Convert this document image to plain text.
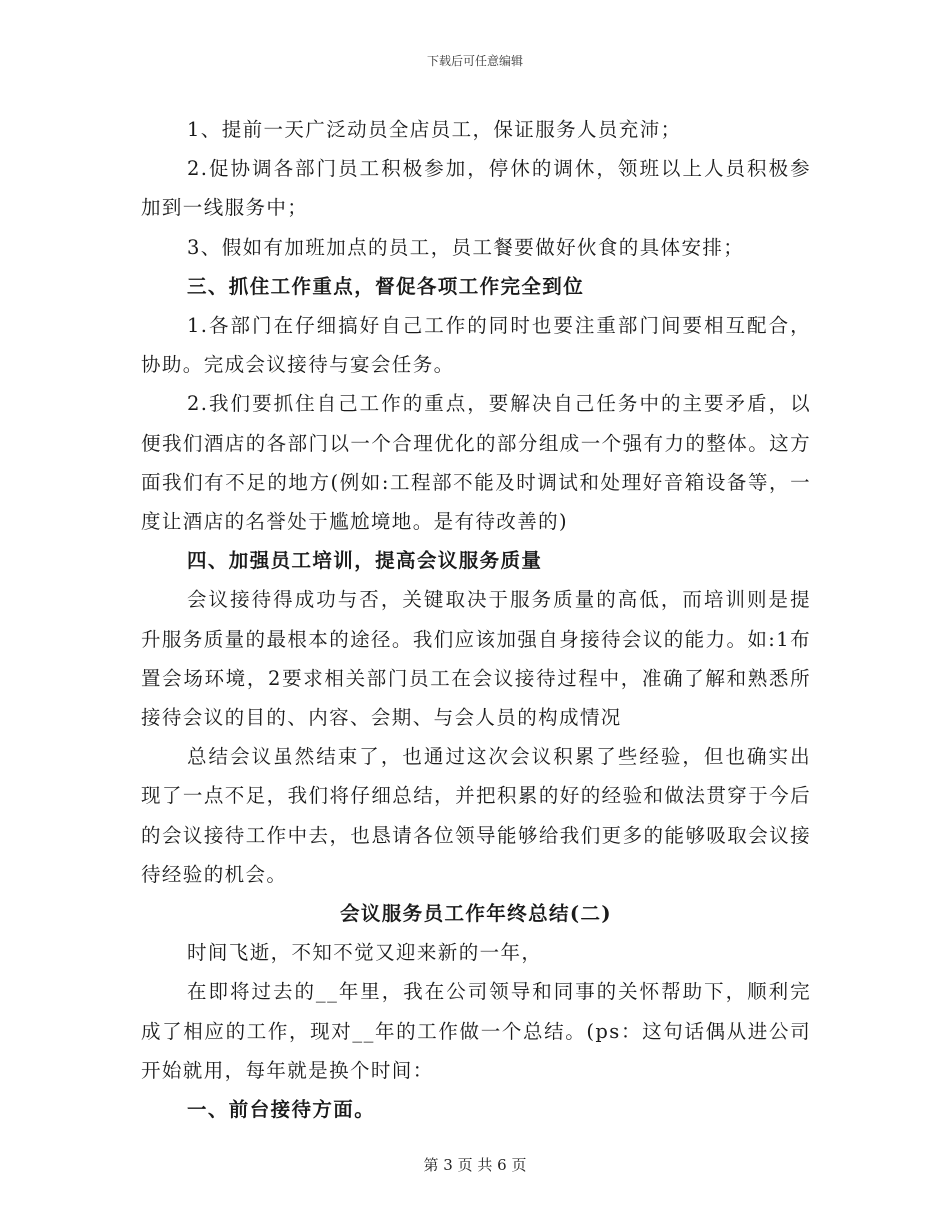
下载后可任意编辑

1、提前一天广泛动员全店员工，保证服务人员充沛；

2.促协调各部门员工积极参加，停休的调休，领班以上人员积极参加到一线服务中；

3、假如有加班加点的员工，员工餐要做好伙食的具体安排；

三、抓住工作重点，督促各项工作完全到位

1.各部门在仔细搞好自己工作的同时也要注重部门间要相互配合，协助。完成会议接待与宴会任务。

2.我们要抓住自己工作的重点，要解决自己任务中的主要矛盾，以便我们酒店的各部门以一个合理优化的部分组成一个强有力的整体。这方面我们有不足的地方(例如:工程部不能及时调试和处理好音箱设备等，一度让酒店的名誉处于尴尬境地。是有待改善的)

四、加强员工培训，提高会议服务质量

会议接待得成功与否，关键取决于服务质量的高低，而培训则是提升服务质量的最根本的途径。我们应该加强自身接待会议的能力。如:1布置会场环境，2要求相关部门员工在会议接待过程中，准确了解和熟悉所接待会议的目的、内容、会期、与会人员的构成情况

总结会议虽然结束了，也通过这次会议积累了些经验，但也确实出现了一点不足，我们将仔细总结，并把积累的好的经验和做法贯穿于今后的会议接待工作中去，也恳请各位领导能够给我们更多的能够吸取会议接待经验的机会。

会议服务员工作年终总结(二)

时间飞逝，不知不觉又迎来新的一年，

在即将过去的__年里，我在公司领导和同事的关怀帮助下，顺利完成了相应的工作，现对__年的工作做一个总结。(ps：这句话偶从进公司开始就用，每年就是换个时间：

一、前台接待方面。

第 3 页 共 6 页
